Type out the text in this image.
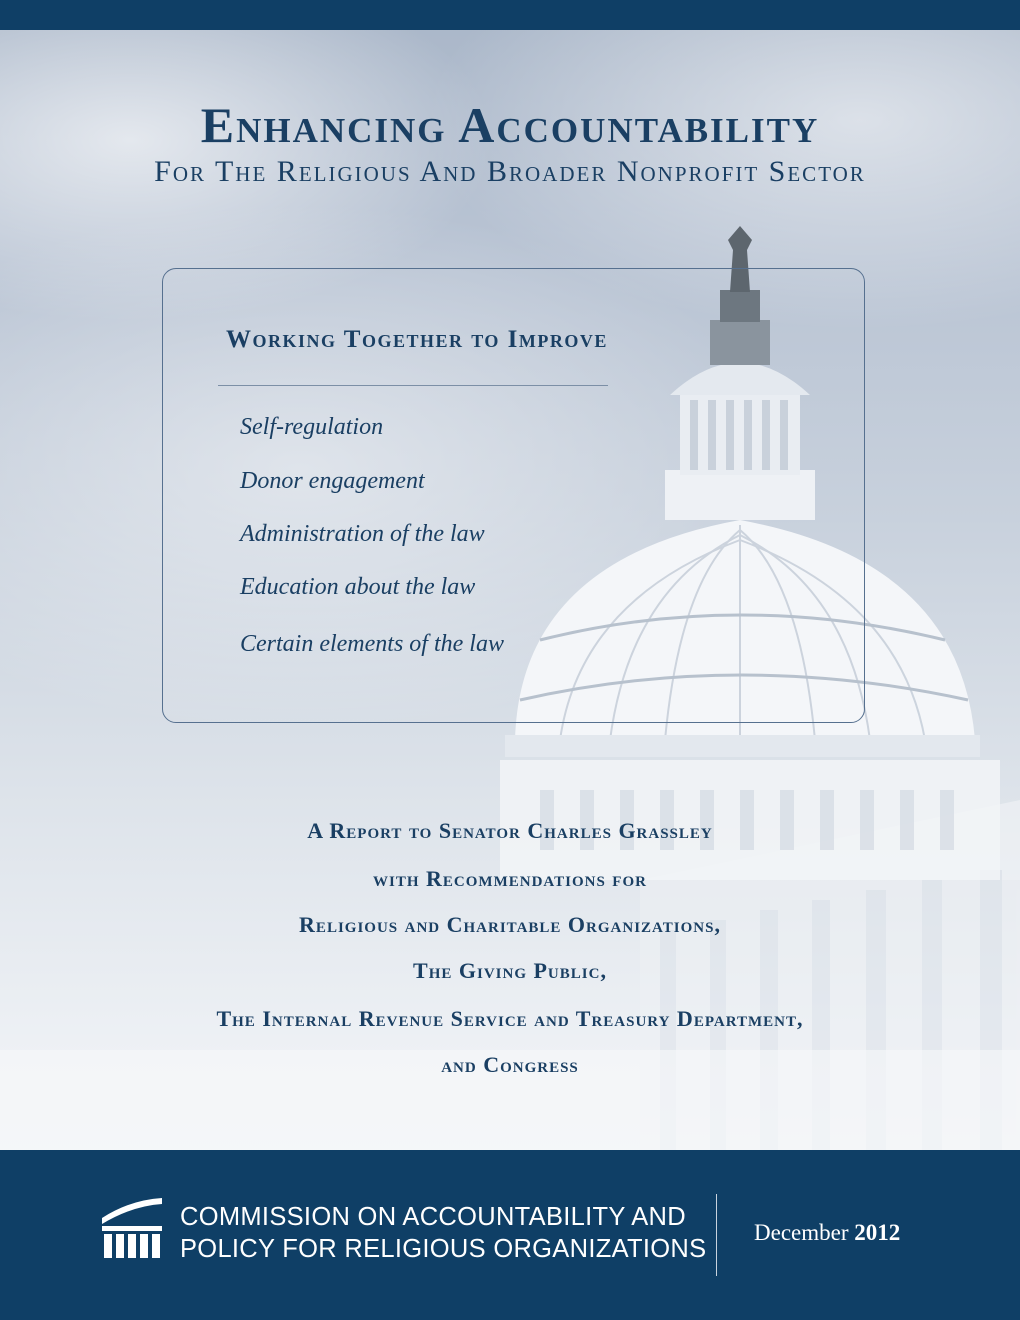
Enhancing Accountability
For The Religious And Broader Nonprofit Sector
Working Together to Improve
Self-regulation
Donor engagement
Administration of the law
Education about the law
Certain elements of the law
A Report to Senator Charles Grassley
with Recommendations for
Religious and Charitable Organizations,
The Giving Public,
The Internal Revenue Service and Treasury Department,
and Congress
COMMISSION ON ACCOUNTABILITY AND
POLICY FOR RELIGIOUS ORGANIZATIONS
December 2012
